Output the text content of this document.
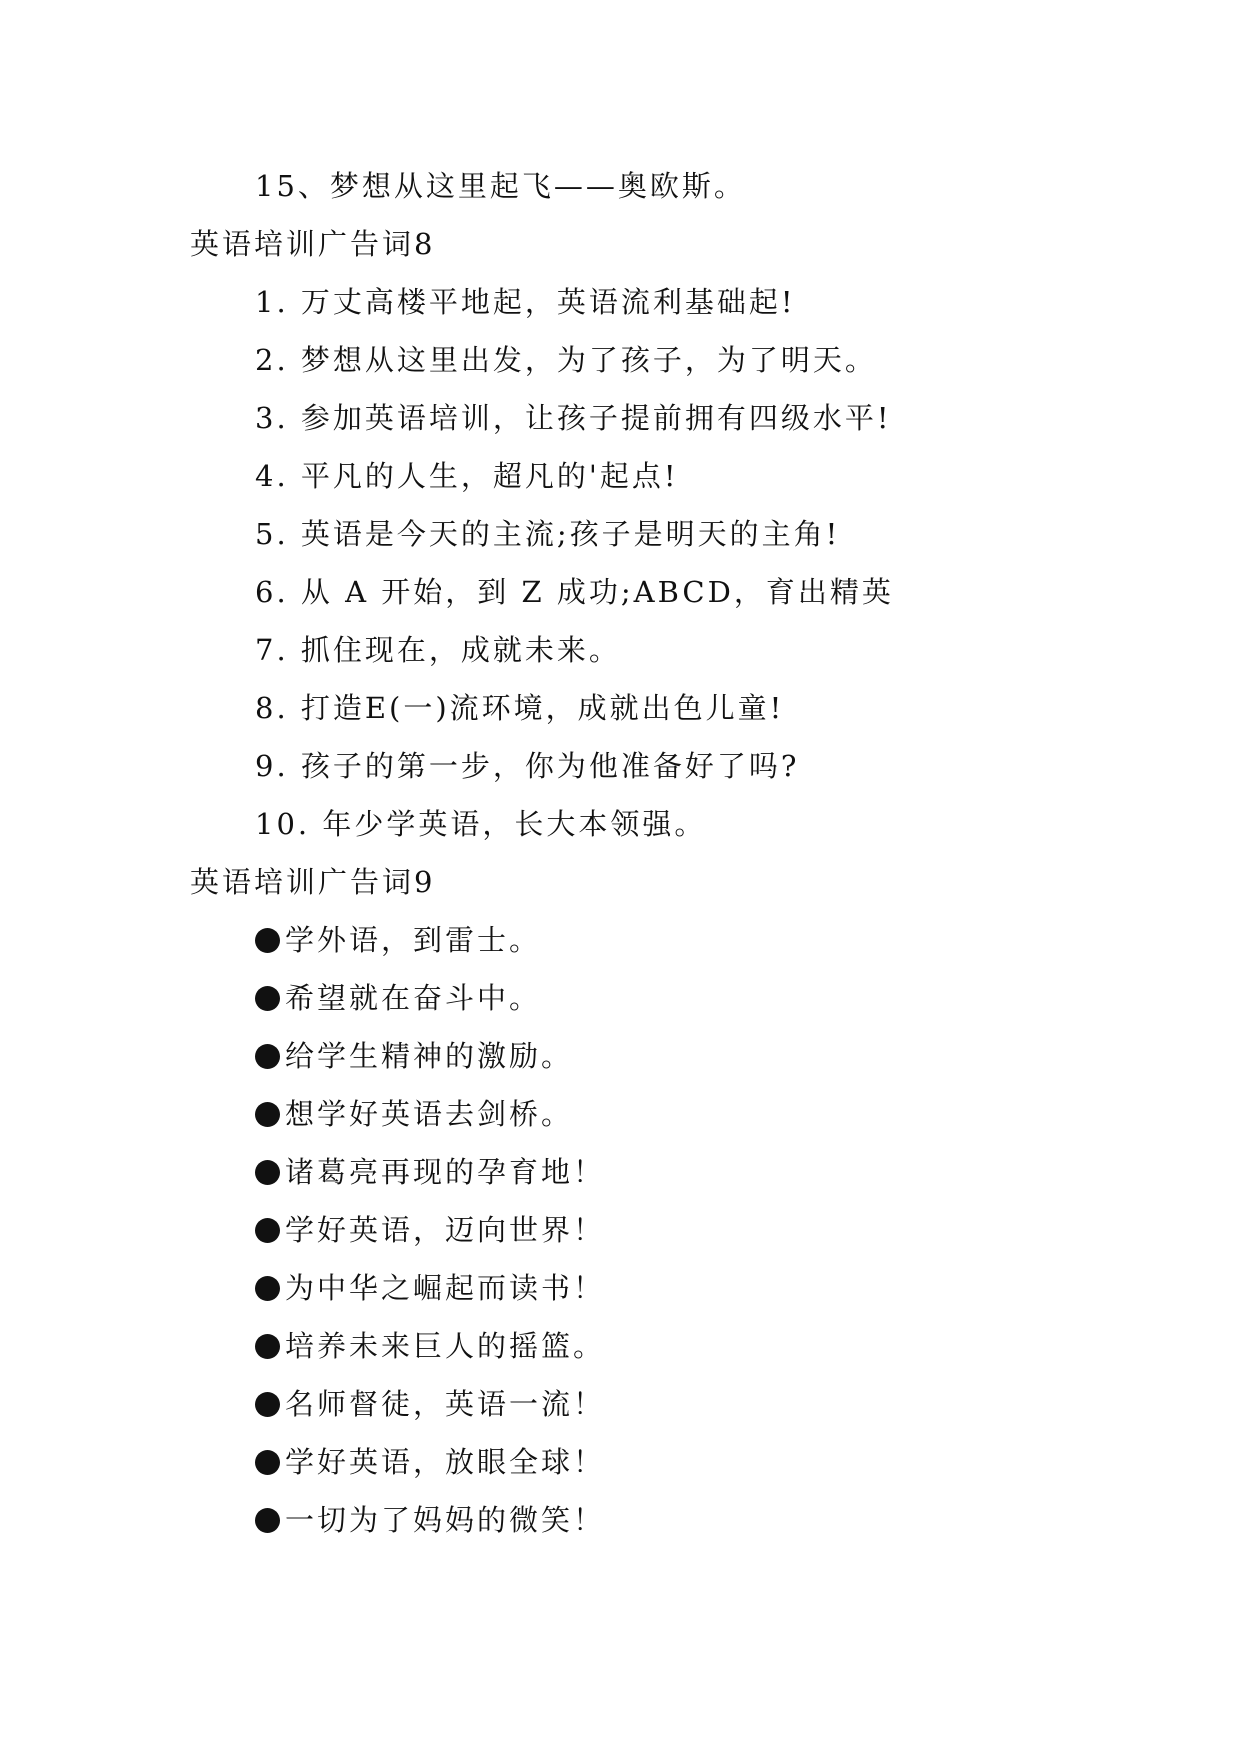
15、梦想从这里起飞——奥欧斯。
英语培训广告词8
1. 万丈高楼平地起，英语流利基础起!
2. 梦想从这里出发，为了孩子，为了明天。
3. 参加英语培训，让孩子提前拥有四级水平!
4. 平凡的人生，超凡的'起点!
5. 英语是今天的主流;孩子是明天的主角!
6. 从 A 开始，到 Z 成功;ABCD，育出精英
7. 抓住现在，成就未来。
8. 打造E(一)流环境，成就出色儿童!
9. 孩子的第一步，你为他准备好了吗?
10. 年少学英语，长大本领强。
英语培训广告词9
学外语，到雷士。
希望就在奋斗中。
给学生精神的激励。
想学好英语去剑桥。
诸葛亮再现的孕育地！
学好英语，迈向世界！
为中华之崛起而读书！
培养未来巨人的摇篮。
名师督徒，英语一流！
学好英语，放眼全球！
一切为了妈妈的微笑！
